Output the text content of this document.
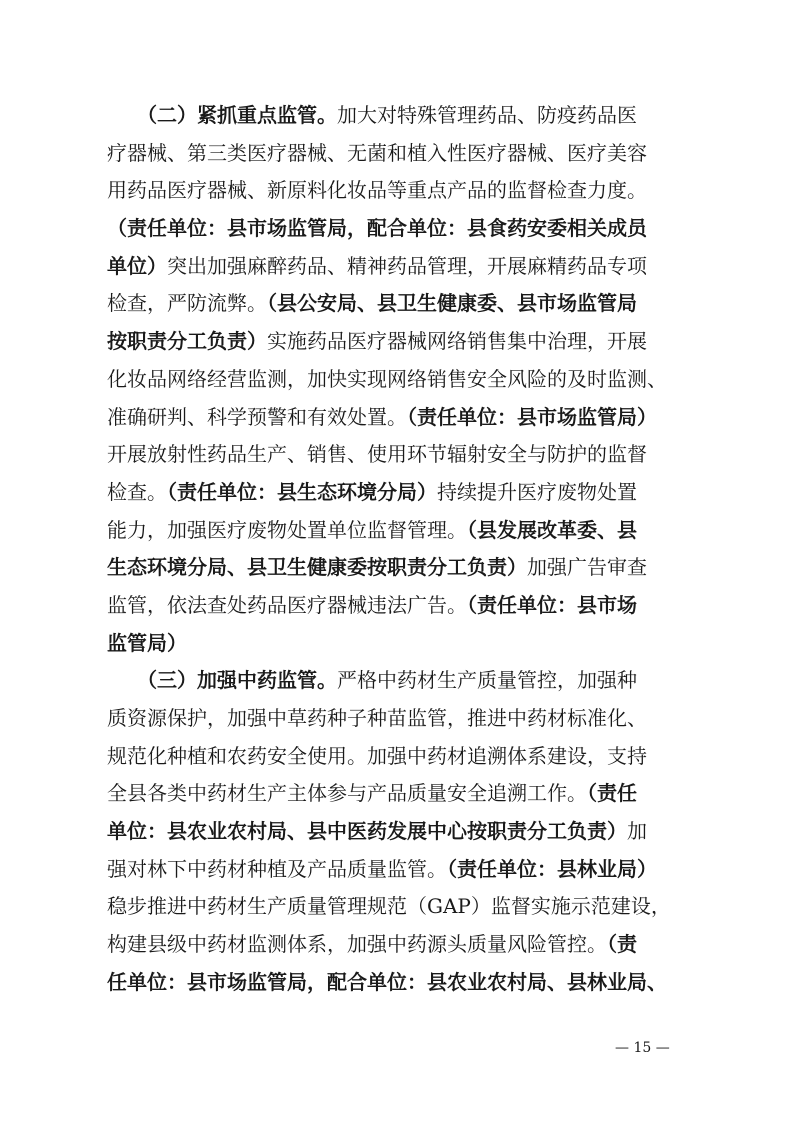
　　（二）紧抓重点监管。加大对特殊管理药品、防疫药品医
疗器械、第三类医疗器械、无菌和植入性医疗器械、医疗美容
用药品医疗器械、新原料化妆品等重点产品的监督检查力度。
（责任单位：县市场监管局，配合单位：县食药安委相关成员
单位）突出加强麻醉药品、精神药品管理，开展麻精药品专项
检查，严防流弊。（县公安局、县卫生健康委、县市场监管局
按职责分工负责）实施药品医疗器械网络销售集中治理，开展
化妆品网络经营监测，加快实现网络销售安全风险的及时监测、
准确研判、科学预警和有效处置。（责任单位：县市场监管局）
开展放射性药品生产、销售、使用环节辐射安全与防护的监督
检查。（责任单位：县生态环境分局）持续提升医疗废物处置
能力，加强医疗废物处置单位监督管理。（县发展改革委、县
生态环境分局、县卫生健康委按职责分工负责）加强广告审查
监管，依法查处药品医疗器械违法广告。（责任单位：县市场
监管局）
　　（三）加强中药监管。严格中药材生产质量管控，加强种
质资源保护，加强中草药种子种苗监管，推进中药材标准化、
规范化种植和农药安全使用。加强中药材追溯体系建设，支持
全县各类中药材生产主体参与产品质量安全追溯工作。（责任
单位：县农业农村局、县中医药发展中心按职责分工负责）加
强对林下中药材种植及产品质量监管。（责任单位：县林业局）
稳步推进中药材生产质量管理规范（GAP）监督实施示范建设，
构建县级中药材监测体系，加强中药源头质量风险管控。（责
任单位：县市场监管局，配合单位：县农业农村局、县林业局、
— 15 —
